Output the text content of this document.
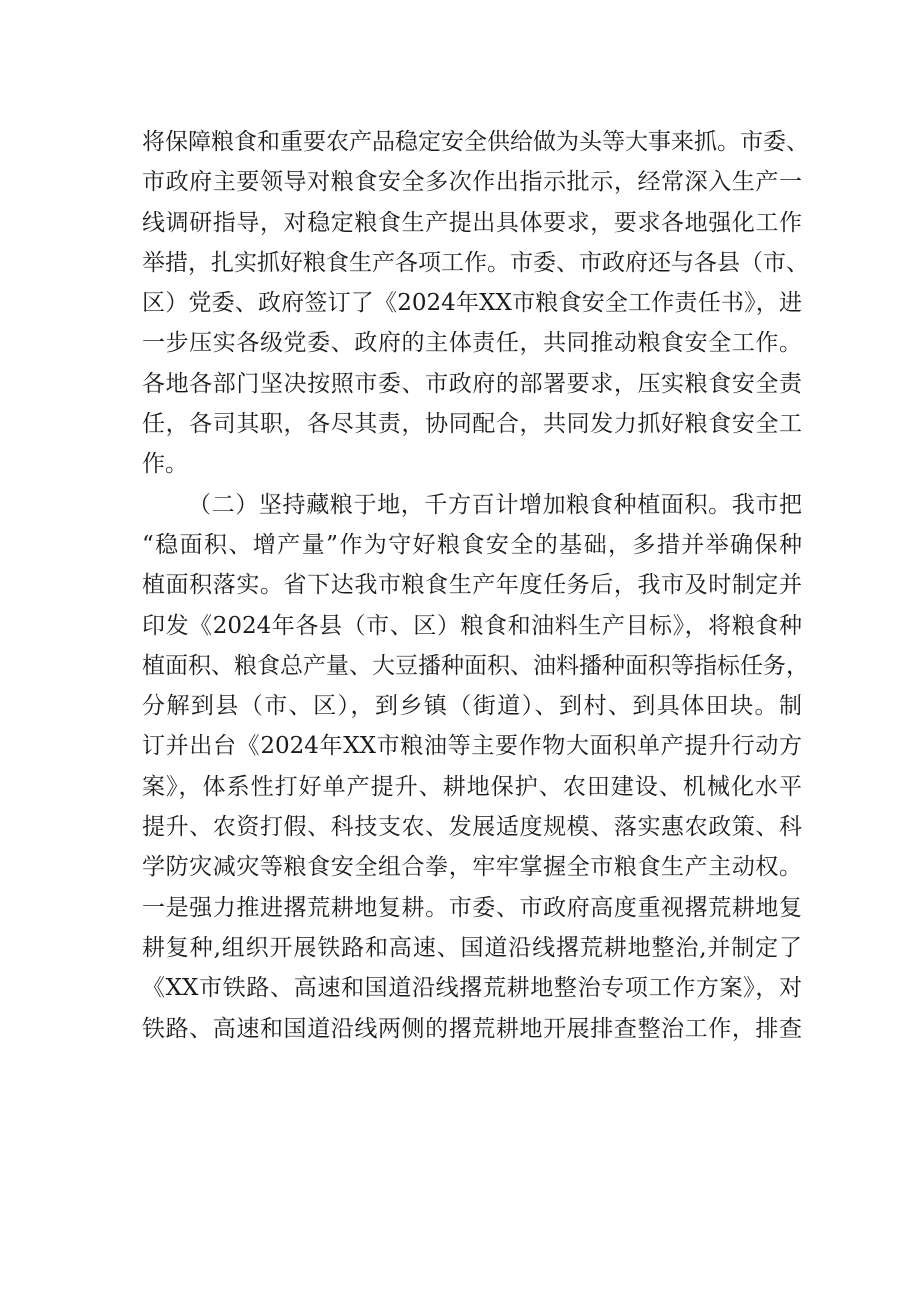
将保障粮食和重要农产品稳定安全供给做为头等大事来抓。市委、
市政府主要领导对粮食安全多次作出指示批示，经常深入生产一
线调研指导，对稳定粮食生产提出具体要求，要求各地强化工作
举措，扎实抓好粮食生产各项工作。市委、市政府还与各县（市、
区）党委、政府签订了《2024年XX市粮食安全工作责任书》，进
一步压实各级党委、政府的主体责任，共同推动粮食安全工作。
各地各部门坚决按照市委、市政府的部署要求，压实粮食安全责
任，各司其职，各尽其责，协同配合，共同发力抓好粮食安全工
作。
（二）坚持藏粮于地，千方百计增加粮食种植面积。我市把
“稳面积、增产量”作为守好粮食安全的基础，多措并举确保种
植面积落实。省下达我市粮食生产年度任务后，我市及时制定并
印发《2024年各县（市、区）粮食和油料生产目标》，将粮食种
植面积、粮食总产量、大豆播种面积、油料播种面积等指标任务，
分解到县（市、区），到乡镇（街道）、到村、到具体田块。制
订并出台《2024年XX市粮油等主要作物大面积单产提升行动方
案》，体系性打好单产提升、耕地保护、农田建设、机械化水平
提升、农资打假、科技支农、发展适度规模、落实惠农政策、科
学防灾减灾等粮食安全组合拳，牢牢掌握全市粮食生产主动权。
一是强力推进撂荒耕地复耕。市委、市政府高度重视撂荒耕地复
耕复种,组织开展铁路和高速、国道沿线撂荒耕地整治,并制定了
《XX市铁路、高速和国道沿线撂荒耕地整治专项工作方案》，对
铁路、高速和国道沿线两侧的撂荒耕地开展排查整治工作，排查
